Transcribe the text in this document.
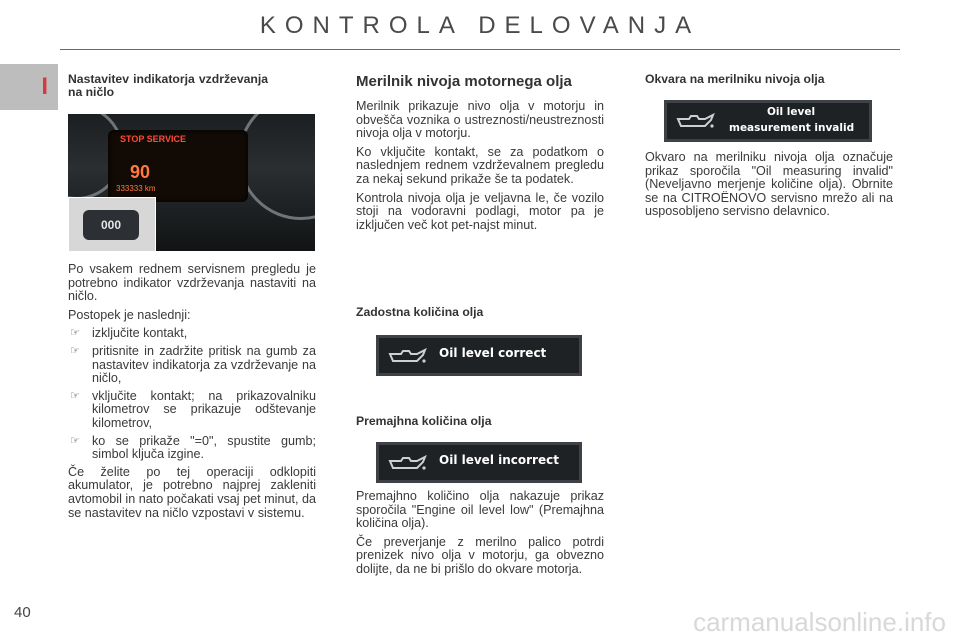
KONTROLA DELOVANJA
I Nastavitev indikatorja vzdrževanja na ničlo

STOP SERVICE
90
333333 km
000

Po vsakem rednem servisnem pregledu je potrebno indikator vzdrževanja nastaviti na ničlo.

Postopek je naslednji:

☞ izključite kontakt,
☞ pritisnite in zadržite pritisk na gumb za nastavitev indikatorja za vzdrževanje na ničlo,
☞ vključite kontakt; na prikazovalniku kilometrov se prikazuje odštevanje kilometrov,
☞ ko se prikaže "=0", spustite gumb; simbol ključa izgine.

Če želite po tej operaciji odklopiti akumulator, je potrebno najprej zakleniti avtomobil in nato počakati vsaj pet minut, da se nastavitev na ničlo vzpostavi v sistemu.

Merilnik nivoja motornega olja

Merilnik prikazuje nivo olja v motorju in obvešča voznika o ustreznosti/neustreznosti nivoja olja v motorju.

Ko vključite kontakt, se za podatkom o naslednjem rednem vzdrževalnem pregledu za nekaj sekund prikaže še ta podatek.

Kontrola nivoja olja je veljavna le, če vozilo stoji na vodoravni podlagi, motor pa je izključen več kot pet-najst minut.

Zadostna količina olja

Oil level correct

Premajhna količina olja

Oil level incorrect

Premajhno količino olja nakazuje prikaz sporočila "Engine oil level low" (Premajhna količina olja).

Če preverjanje z merilno palico potrdi prenizek nivo olja v motorju, ga obvezno dolijte, da ne bi prišlo do okvare motorja.

Okvara na merilniku nivoja olja

Oil level
measurement invalid

Okvaro na merilniku nivoja olja označuje prikaz sporočila "Oil measuring invalid" (Neveljavno merjenje količine olja). Obrnite se na CITROËNOVO servisno mrežo ali na usposobljeno servisno delavnico.

40	carmanualsonline.info
